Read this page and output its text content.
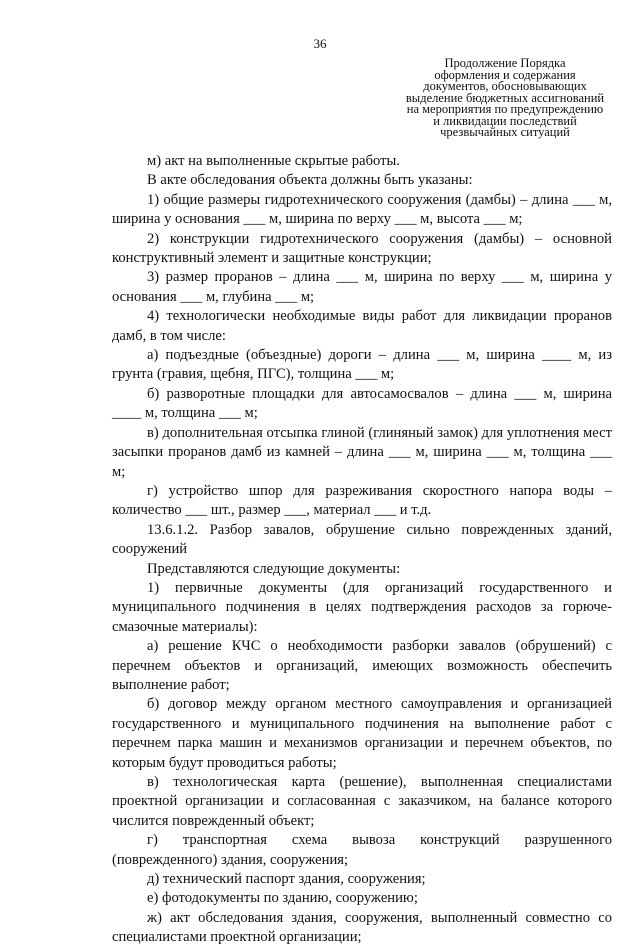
36
Продолжение Порядка
оформления и содержания
документов, обосновывающих
выделение бюджетных ассигнований
на мероприятия по предупреждению
и ликвидации последствий
чрезвычайных ситуаций

м) акт на выполненные скрытые работы.

В акте обследования объекта должны быть указаны:

1) общие размеры гидротехнического сооружения (дамбы) – длина ___ м, ширина у основания ___ м, ширина по верху ___ м, высота ___ м;

2) конструкции гидротехнического сооружения (дамбы) – основной конструктивный элемент и защитные конструкции;

3) размер проранов – длина ___ м, ширина по верху ___ м, ширина у основания ___ м, глубина ___ м;

4) технологически необходимые виды работ для ликвидации проранов дамб, в том числе:

а) подъездные (объездные) дороги – длина ___ м, ширина ____ м, из грунта (гравия, щебня, ПГС), толщина ___ м;

б) разворотные площадки для автосамосвалов – длина ___ м, ширина ____ м, толщина ___ м;

в) дополнительная отсыпка глиной (глиняный замок) для уплотнения мест засыпки проранов дамб из камней – длина ___ м, ширина ___ м, толщина ___ м;

г) устройство шпор для разреживания скоростного напора воды – количество ___ шт., размер ___, материал ___ и т.д.

13.6.1.2. Разбор завалов, обрушение сильно поврежденных зданий, сооружений

Представляются следующие документы:

1) первичные документы (для организаций государственного и муниципального подчинения в целях подтверждения расходов за горюче-смазочные материалы):

а) решение КЧС о необходимости разборки завалов (обрушений) с перечнем объектов и организаций, имеющих возможность обеспечить выполнение работ;

б) договор между органом местного самоуправления и организацией государственного и муниципального подчинения на выполнение работ с перечнем парка машин и механизмов организации и перечнем объектов, по которым будут проводиться работы;

в) технологическая карта (решение), выполненная специалистами проектной организации и согласованная с заказчиком, на балансе которого числится поврежденный объект;

г) транспортная схема вывоза конструкций разрушенного (поврежденного) здания, сооружения;

д) технический паспорт здания, сооружения;

е) фотодокументы по зданию, сооружению;

ж) акт обследования здания, сооружения, выполненный совместно со специалистами проектной организации;
